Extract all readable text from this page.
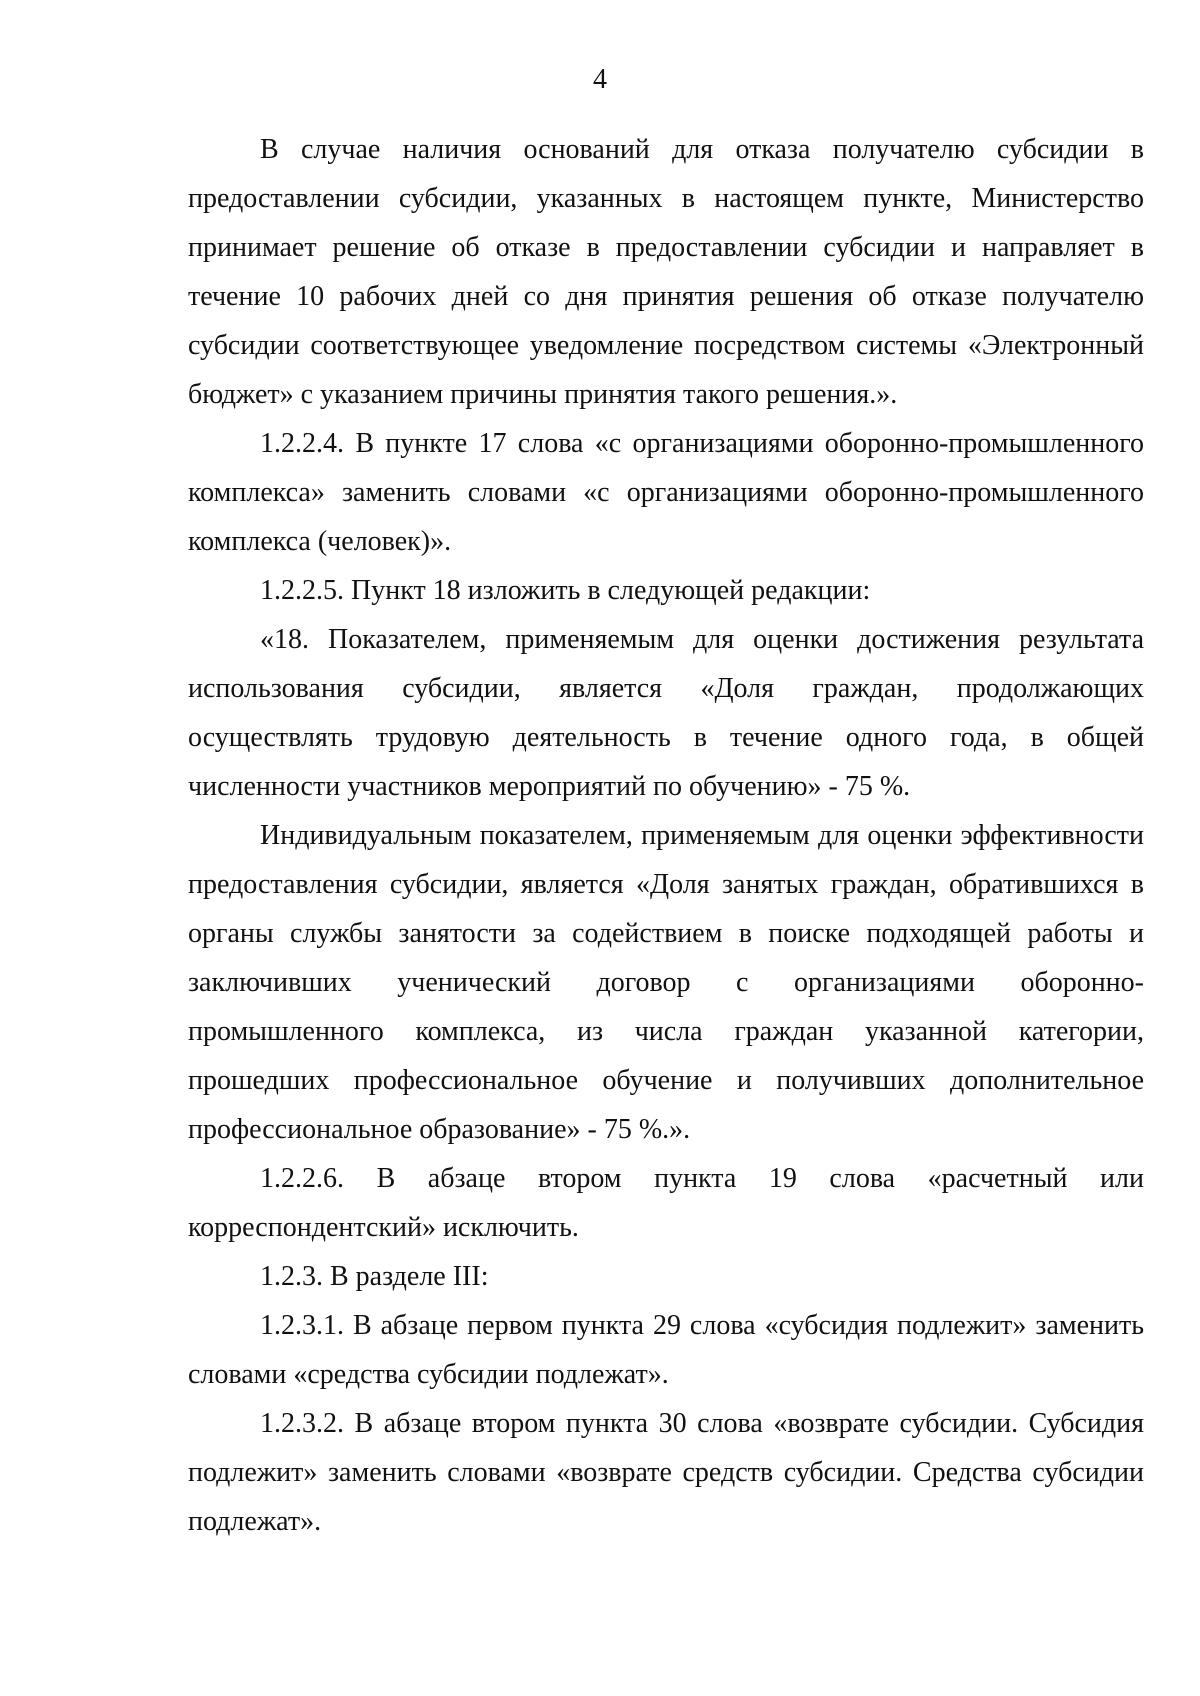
4

В случае наличия оснований для отказа получателю субсидии в предоставлении субсидии, указанных в настоящем пункте, Министерство принимает решение об отказе в предоставлении субсидии и направляет в течение 10 рабочих дней со дня принятия решения об отказе получателю субсидии соответствующее уведомление посредством системы «Электронный бюджет» с указанием причины принятия такого решения.».

1.2.2.4. В пункте 17 слова «с организациями оборонно-промышленного комплекса» заменить словами «с организациями оборонно-промышленного комплекса (человек)».

1.2.2.5. Пункт 18 изложить в следующей редакции:

«18. Показателем, применяемым для оценки достижения результата использования субсидии, является «Доля граждан, продолжающих осуществлять трудовую деятельность в течение одного года, в общей численности участников мероприятий по обучению» - 75 %.

Индивидуальным показателем, применяемым для оценки эффективности предоставления субсидии, является «Доля занятых граждан, обратившихся в органы службы занятости за содействием в поиске подходящей работы и заключивших ученический договор с организациями оборонно-промышленного комплекса, из числа граждан указанной категории, прошедших профессиональное обучение и получивших дополнительное профессиональное образование» - 75 %.».

1.2.2.6. В абзаце втором пункта 19 слова «расчетный или корреспондентский» исключить.

1.2.3. В разделе III:

1.2.3.1. В абзаце первом пункта 29 слова «субсидия подлежит» заменить словами «средства субсидии подлежат».

1.2.3.2. В абзаце втором пункта 30 слова «возврате субсидии. Субсидия подлежит» заменить словами «возврате средств субсидии. Средства субсидии подлежат».
